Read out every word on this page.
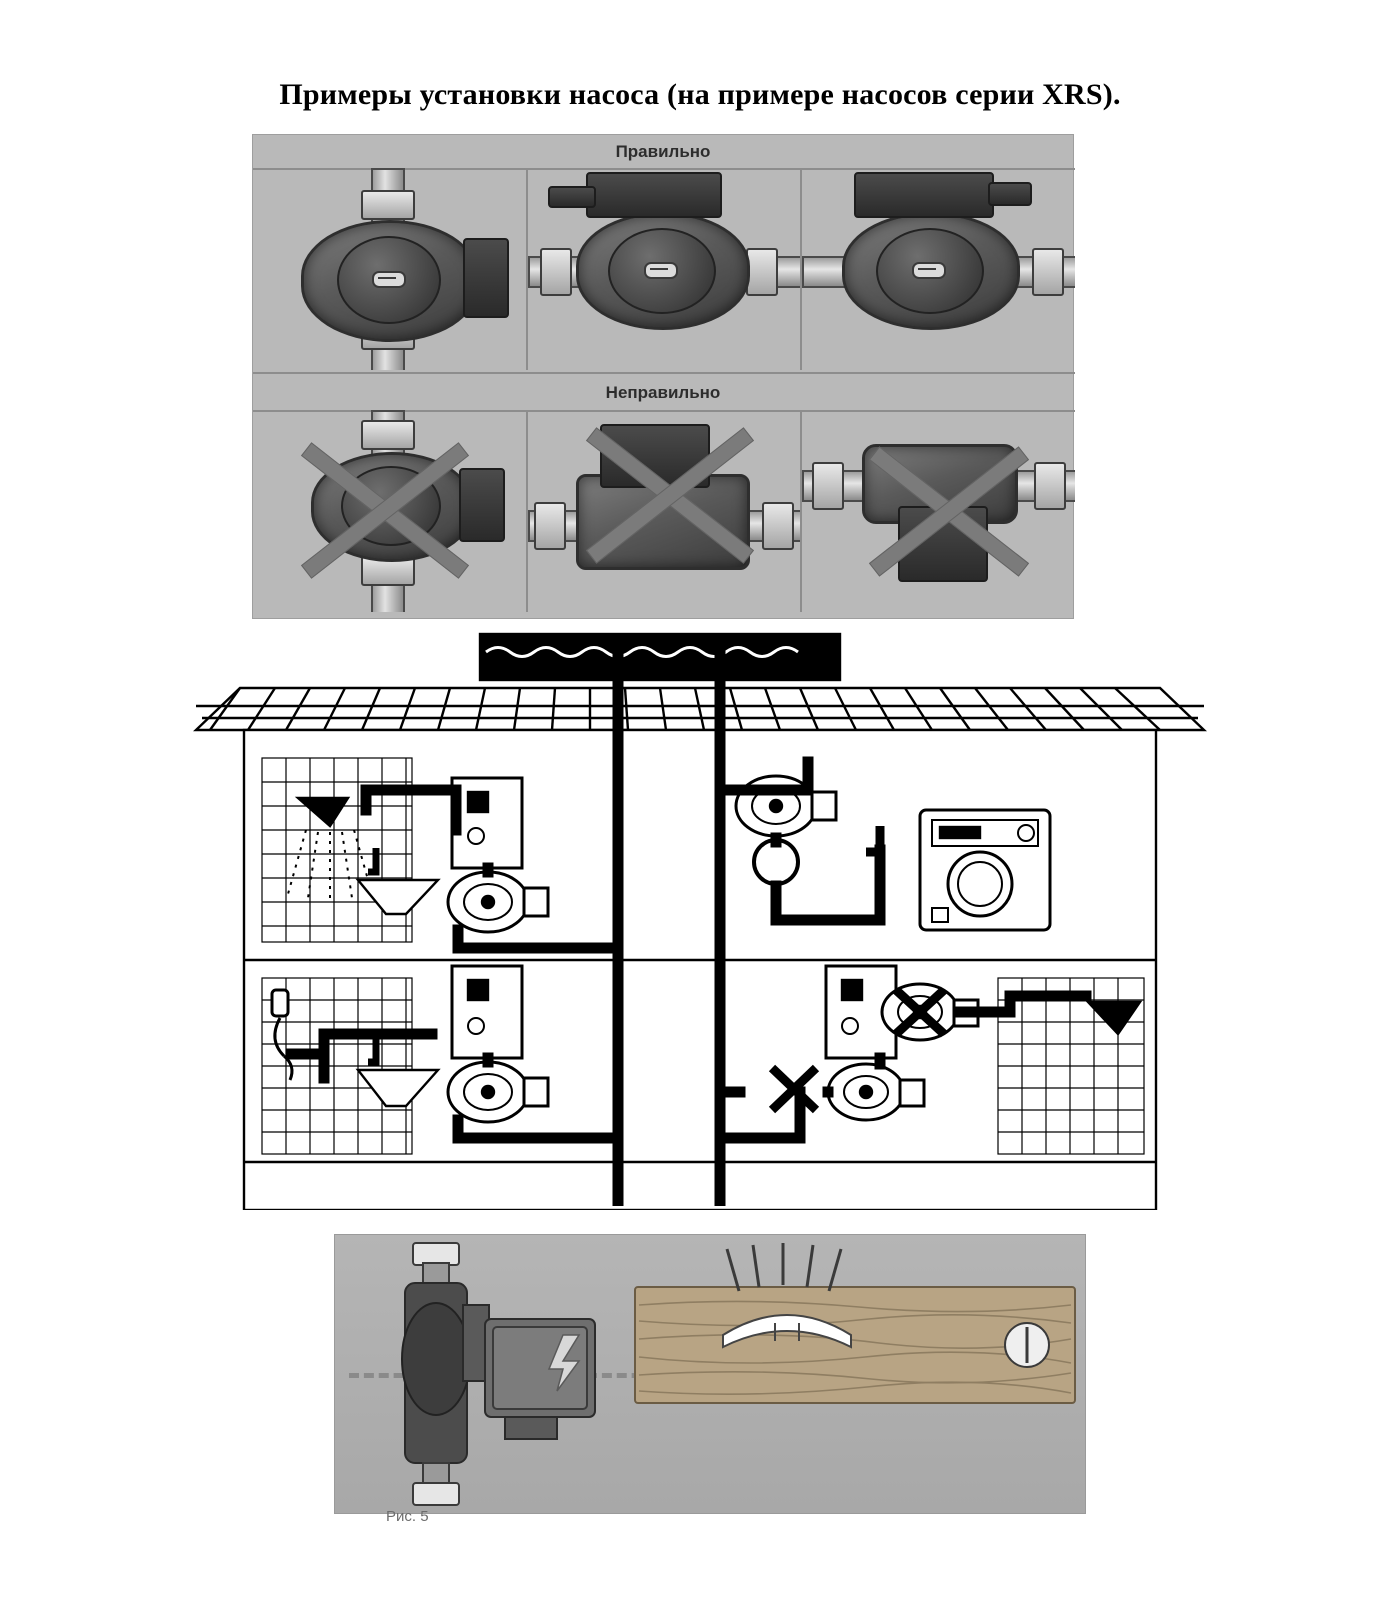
Примеры установки насоса (на примере насосов серии XRS).
Правильно
Неправильно
Рис. 5
